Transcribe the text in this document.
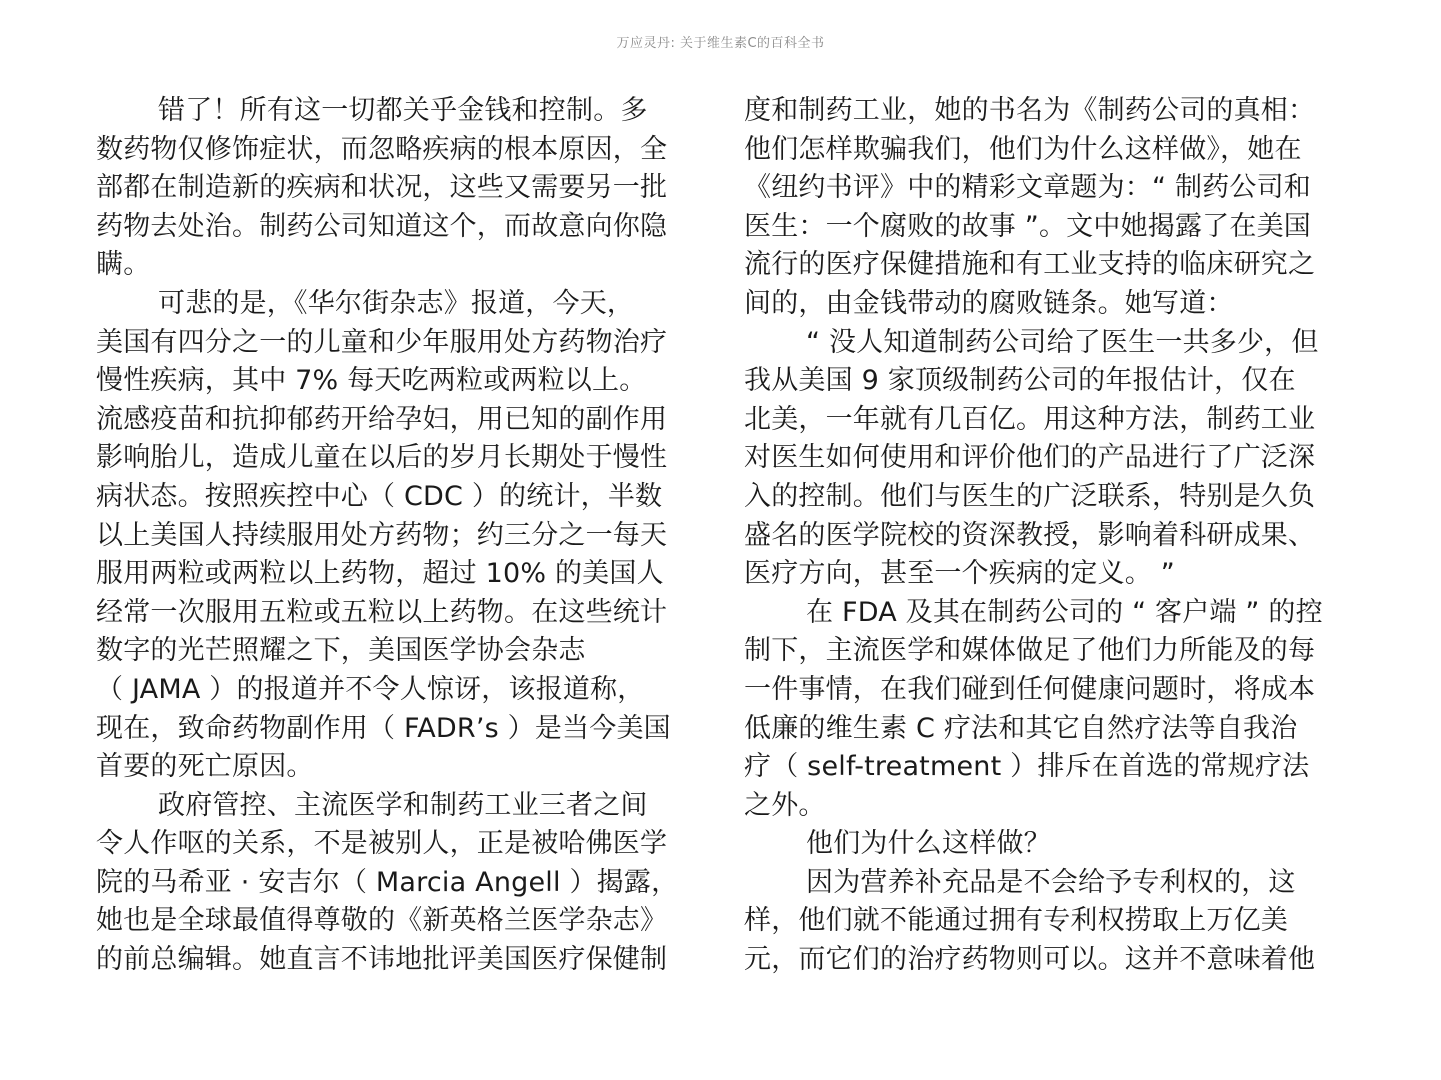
万应灵丹: 关于维生素C的百科全书
错了！所有这一切都关乎金钱和控制。多
数药物仅修饰症状，而忽略疾病的根本原因，全
部都在制造新的疾病和状况，这些又需要另一批
药物去处治。制药公司知道这个，而故意向你隐
瞒。
可悲的是，《华尔街杂志》报道，今天，
美国有四分之一的儿童和少年服用处方药物治疗
慢性疾病，其中 7% 每天吃两粒或两粒以上。
流感疫苗和抗抑郁药开给孕妇，用已知的副作用
影响胎儿，造成儿童在以后的岁月长期处于慢性
病状态。按照疾控中心（ CDC ）的统计，半数
以上美国人持续服用处方药物；约三分之一每天
服用两粒或两粒以上药物，超过 10% 的美国人
经常一次服用五粒或五粒以上药物。在这些统计
数字的光芒照耀之下，美国医学协会杂志
（ JAMA ）的报道并不令人惊讶，该报道称，
现在，致命药物副作用（ FADR’s ）是当今美国
首要的死亡原因。
政府管控、主流医学和制药工业三者之间
令人作呕的关系，不是被别人，正是被哈佛医学
院的马希亚 · 安吉尔（ Marcia Angell ）揭露，
她也是全球最值得尊敬的《新英格兰医学杂志》
的前总编辑。她直言不讳地批评美国医疗保健制
度和制药工业，她的书名为《制药公司的真相：
他们怎样欺骗我们，他们为什么这样做》，她在
《纽约书评》中的精彩文章题为：“ 制药公司和
医生：一个腐败的故事 ”。文中她揭露了在美国
流行的医疗保健措施和有工业支持的临床研究之
间的，由金钱带动的腐败链条。她写道：
“ 没人知道制药公司给了医生一共多少，但
我从美国 9 家顶级制药公司的年报估计，仅在
北美，一年就有几百亿。用这种方法，制药工业
对医生如何使用和评价他们的产品进行了广泛深
入的控制。他们与医生的广泛联系，特别是久负
盛名的医学院校的资深教授，影响着科研成果、
医疗方向，甚至一个疾病的定义。 ”
在 FDA 及其在制药公司的 “ 客户端 ” 的控
制下，主流医学和媒体做足了他们力所能及的每
一件事情，在我们碰到任何健康问题时，将成本
低廉的维生素 C 疗法和其它自然疗法等自我治
疗（ self-treatment ）排斥在首选的常规疗法
之外。
他们为什么这样做？
因为营养补充品是不会给予专利权的，这
样，他们就不能通过拥有专利权捞取上万亿美
元，而它们的治疗药物则可以。这并不意味着他
